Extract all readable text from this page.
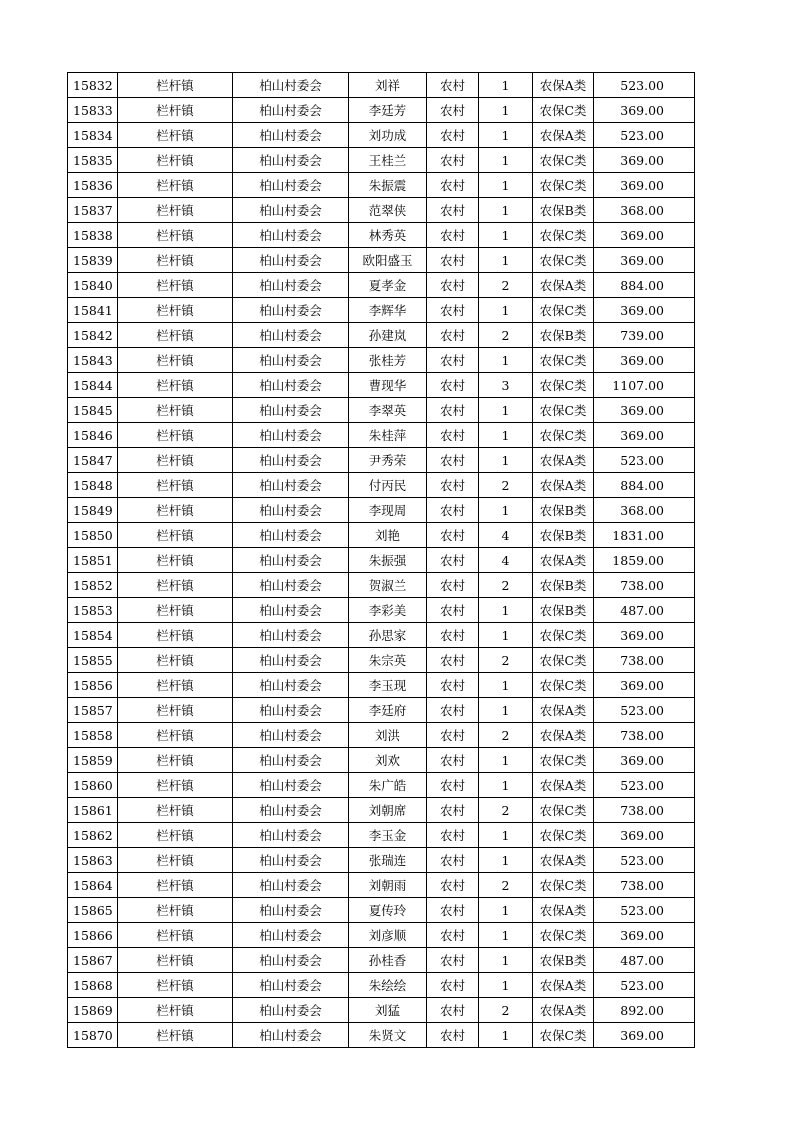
15832	栏杆镇	柏山村委会	刘祥	农村	1	农保A类	523.00
15833	栏杆镇	柏山村委会	李廷芳	农村	1	农保C类	369.00
15834	栏杆镇	柏山村委会	刘功成	农村	1	农保A类	523.00
15835	栏杆镇	柏山村委会	王桂兰	农村	1	农保C类	369.00
15836	栏杆镇	柏山村委会	朱振震	农村	1	农保C类	369.00
15837	栏杆镇	柏山村委会	范翠侠	农村	1	农保B类	368.00
15838	栏杆镇	柏山村委会	林秀英	农村	1	农保C类	369.00
15839	栏杆镇	柏山村委会	欧阳盛玉	农村	1	农保C类	369.00
15840	栏杆镇	柏山村委会	夏孝金	农村	2	农保A类	884.00
15841	栏杆镇	柏山村委会	李辉华	农村	1	农保C类	369.00
15842	栏杆镇	柏山村委会	孙建岚	农村	2	农保B类	739.00
15843	栏杆镇	柏山村委会	张桂芳	农村	1	农保C类	369.00
15844	栏杆镇	柏山村委会	曹现华	农村	3	农保C类	1107.00
15845	栏杆镇	柏山村委会	李翠英	农村	1	农保C类	369.00
15846	栏杆镇	柏山村委会	朱桂萍	农村	1	农保C类	369.00
15847	栏杆镇	柏山村委会	尹秀荣	农村	1	农保A类	523.00
15848	栏杆镇	柏山村委会	付丙民	农村	2	农保A类	884.00
15849	栏杆镇	柏山村委会	李现周	农村	1	农保B类	368.00
15850	栏杆镇	柏山村委会	刘艳	农村	4	农保B类	1831.00
15851	栏杆镇	柏山村委会	朱振强	农村	4	农保A类	1859.00
15852	栏杆镇	柏山村委会	贺淑兰	农村	2	农保B类	738.00
15853	栏杆镇	柏山村委会	李彩美	农村	1	农保B类	487.00
15854	栏杆镇	柏山村委会	孙思家	农村	1	农保C类	369.00
15855	栏杆镇	柏山村委会	朱宗英	农村	2	农保C类	738.00
15856	栏杆镇	柏山村委会	李玉现	农村	1	农保C类	369.00
15857	栏杆镇	柏山村委会	李廷府	农村	1	农保A类	523.00
15858	栏杆镇	柏山村委会	刘洪	农村	2	农保A类	738.00
15859	栏杆镇	柏山村委会	刘欢	农村	1	农保C类	369.00
15860	栏杆镇	柏山村委会	朱广皓	农村	1	农保A类	523.00
15861	栏杆镇	柏山村委会	刘朝席	农村	2	农保C类	738.00
15862	栏杆镇	柏山村委会	李玉金	农村	1	农保C类	369.00
15863	栏杆镇	柏山村委会	张瑞连	农村	1	农保A类	523.00
15864	栏杆镇	柏山村委会	刘朝雨	农村	2	农保C类	738.00
15865	栏杆镇	柏山村委会	夏传玲	农村	1	农保A类	523.00
15866	栏杆镇	柏山村委会	刘彦顺	农村	1	农保C类	369.00
15867	栏杆镇	柏山村委会	孙桂香	农村	1	农保B类	487.00
15868	栏杆镇	柏山村委会	朱绘绘	农村	1	农保A类	523.00
15869	栏杆镇	柏山村委会	刘猛	农村	2	农保A类	892.00
15870	栏杆镇	柏山村委会	朱贤文	农村	1	农保C类	369.00
